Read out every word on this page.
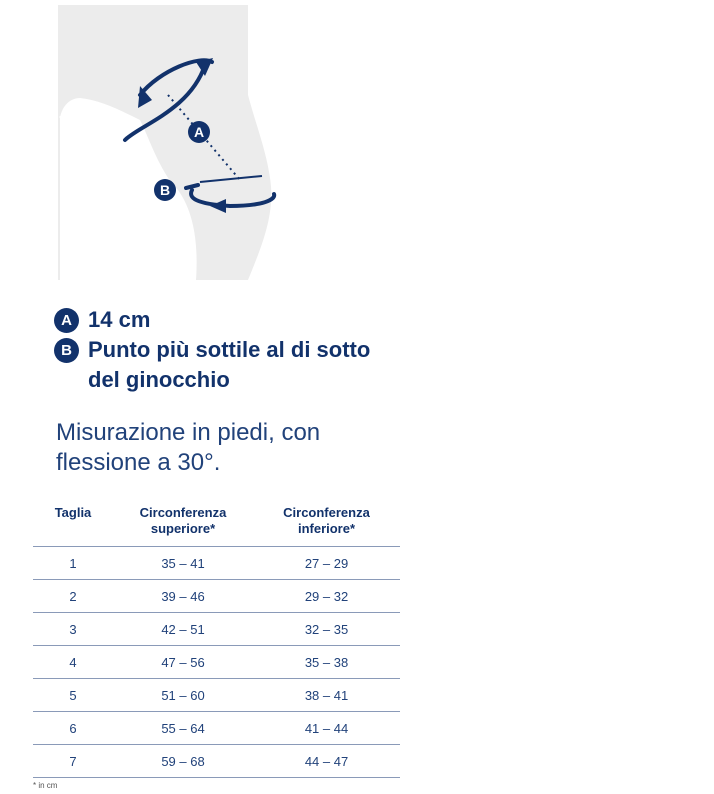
A
B
A 14 cm
B Punto più sottile al di sotto del ginocchio
Misurazione in piedi, con flessione a 30°.
Taglia	Circonferenza superiore*	Circonferenza inferiore*
1	35 – 41	27 – 29
2	39 – 46	29 – 32
3	42 – 51	32 – 35
4	47 – 56	35 – 38
5	51 – 60	38 – 41
6	55 – 64	41 – 44
7	59 – 68	44 – 47
* in cm
